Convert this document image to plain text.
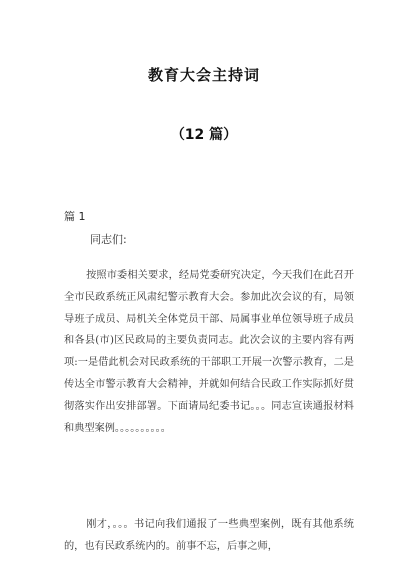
教育大会主持词
（12 篇）
篇 1
同志们:

按照市委相关要求，经局党委研究决定，今天我们在此召开全市民政系统正风肃纪警示教育大会。参加此次会议的有，局领导班子成员、局机关全体党员干部、局属事业单位领导班子成员和各县(市)区民政局的主要负责同志。此次会议的主要内容有两项:一是借此机会对民政系统的干部职工开展一次警示教育，二是传达全市警示教育大会精神，并就如何结合民政工作实际抓好贯彻落实作出安排部署。下面请局纪委书记。。。同志宣读通报材料和典型案例。。。。。。。。。。

刚才，。。。书记向我们通报了一些典型案例，既有其他系统的，也有民政系统内的。前事不忘，后事之师，
